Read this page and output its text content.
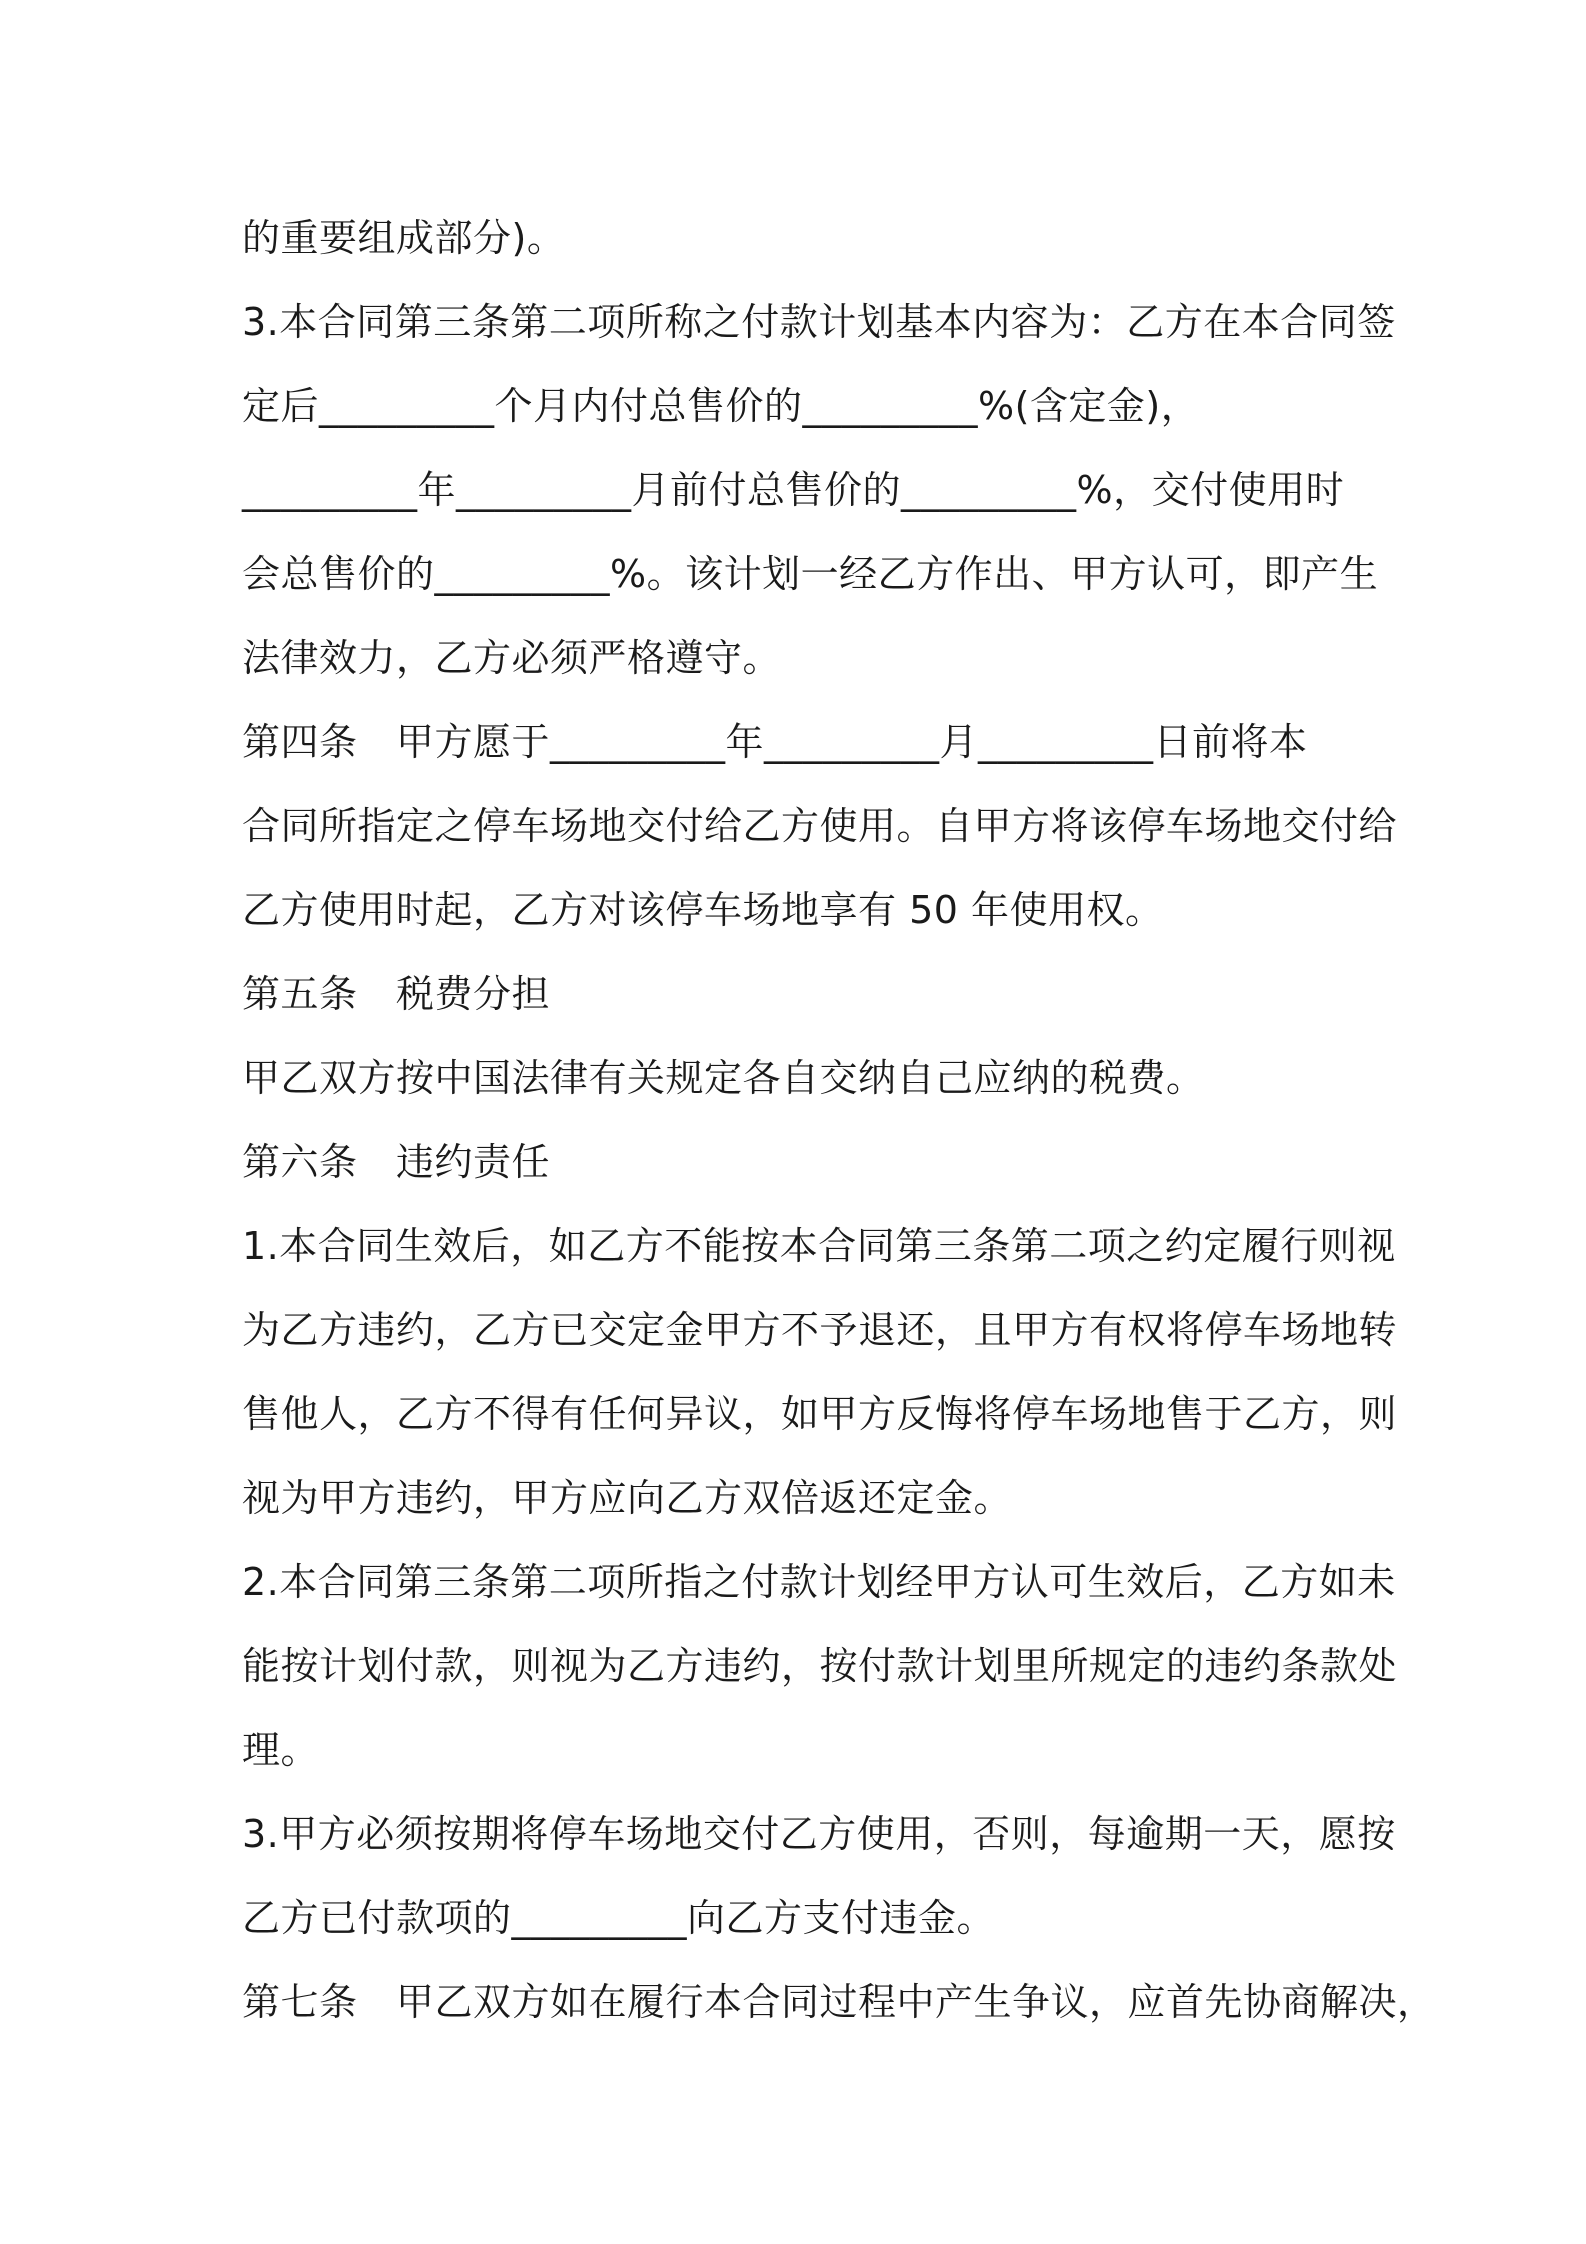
的重要组成部分)。
3.本合同第三条第二项所称之付款计划基本内容为：乙方在本合同签
定后_________个月内付总售价的_________%(含定金)，
_________年_________月前付总售价的_________%，交付使用时
会总售价的_________%。该计划一经乙方作出、甲方认可，即产生
法律效力，乙方必须严格遵守。
第四条　甲方愿于_________年_________月_________日前将本
合同所指定之停车场地交付给乙方使用。自甲方将该停车场地交付给
乙方使用时起，乙方对该停车场地享有 50 年使用权。
第五条　税费分担
甲乙双方按中国法律有关规定各自交纳自己应纳的税费。
第六条　违约责任
1.本合同生效后，如乙方不能按本合同第三条第二项之约定履行则视
为乙方违约，乙方已交定金甲方不予退还，且甲方有权将停车场地转
售他人，乙方不得有任何异议，如甲方反悔将停车场地售于乙方，则
视为甲方违约，甲方应向乙方双倍返还定金。
2.本合同第三条第二项所指之付款计划经甲方认可生效后，乙方如未
能按计划付款，则视为乙方违约，按付款计划里所规定的违约条款处
理。
3.甲方必须按期将停车场地交付乙方使用，否则，每逾期一天，愿按
乙方已付款项的_________向乙方支付违金。
第七条　甲乙双方如在履行本合同过程中产生争议，应首先协商解决，
